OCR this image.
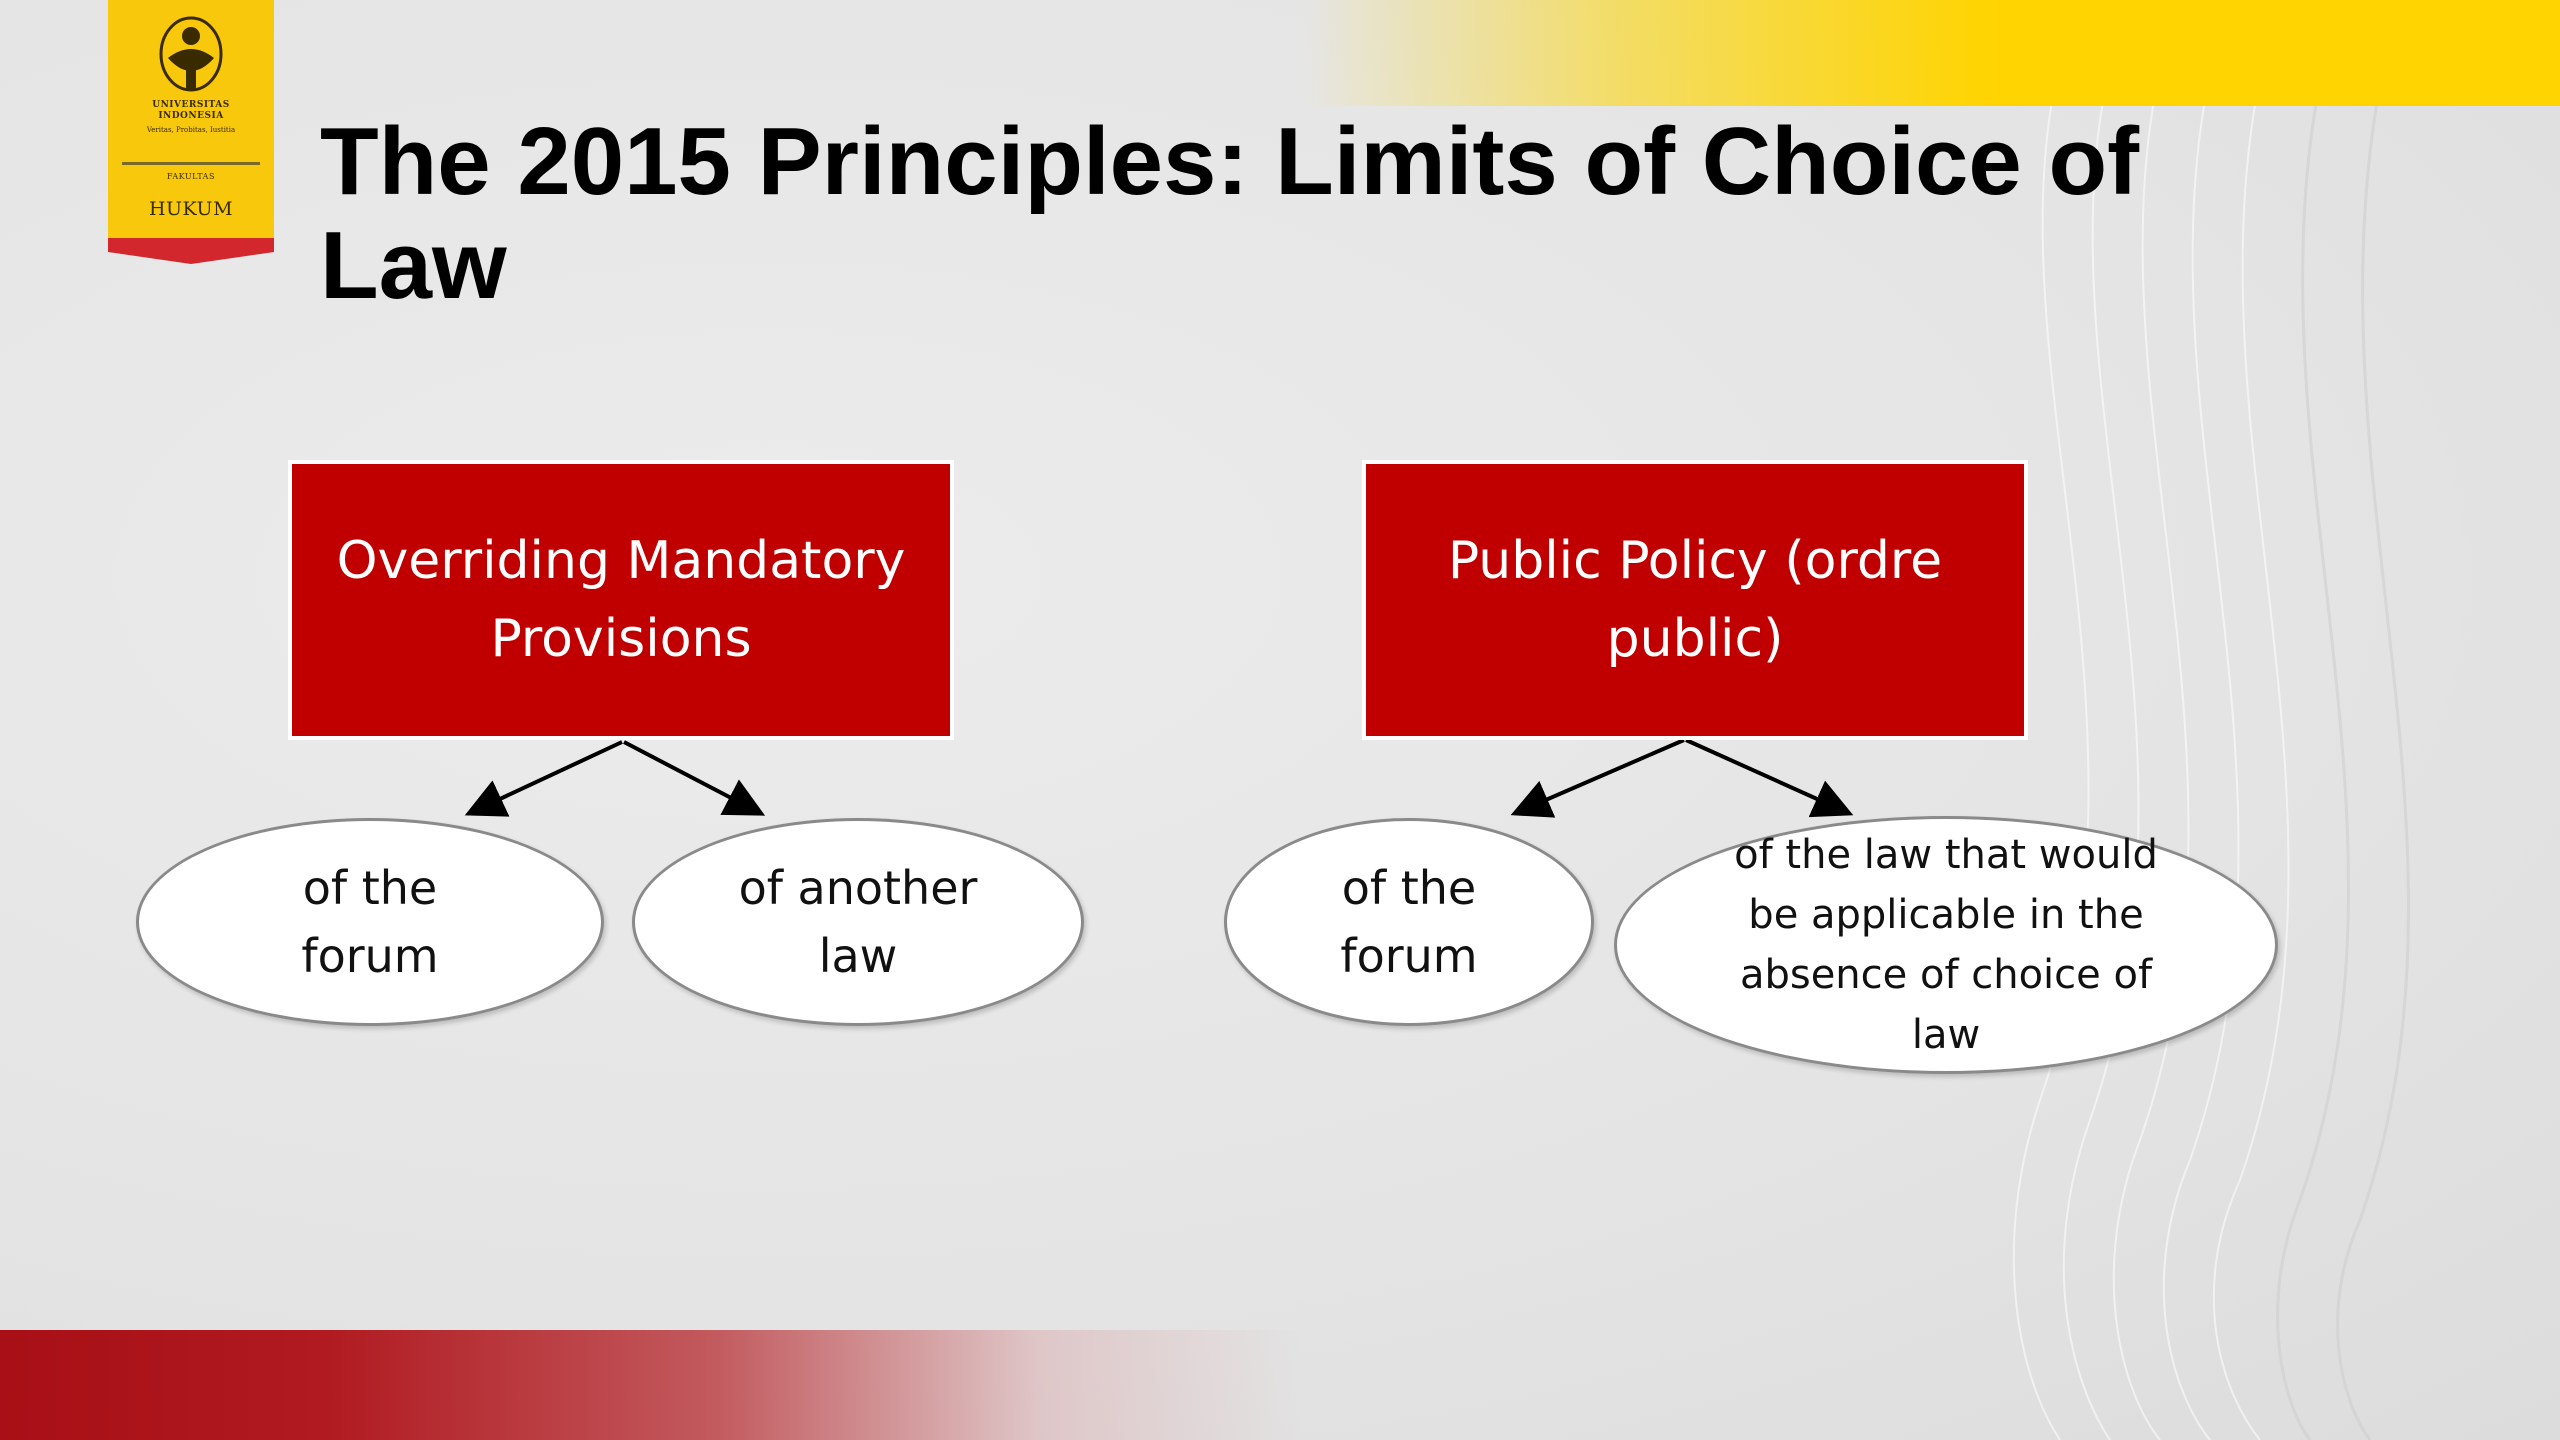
UNIVERSITAS
INDONESIA
Veritas, Probitas, Iustitia
FAKULTAS
HUKUM The 2015 Principles: Limits of Choice of Law
Overriding Mandatory Provisions
Public Policy (ordre public)
of the forum
of another law
of the forum
of the law that would be applicable in the absence of choice of law
